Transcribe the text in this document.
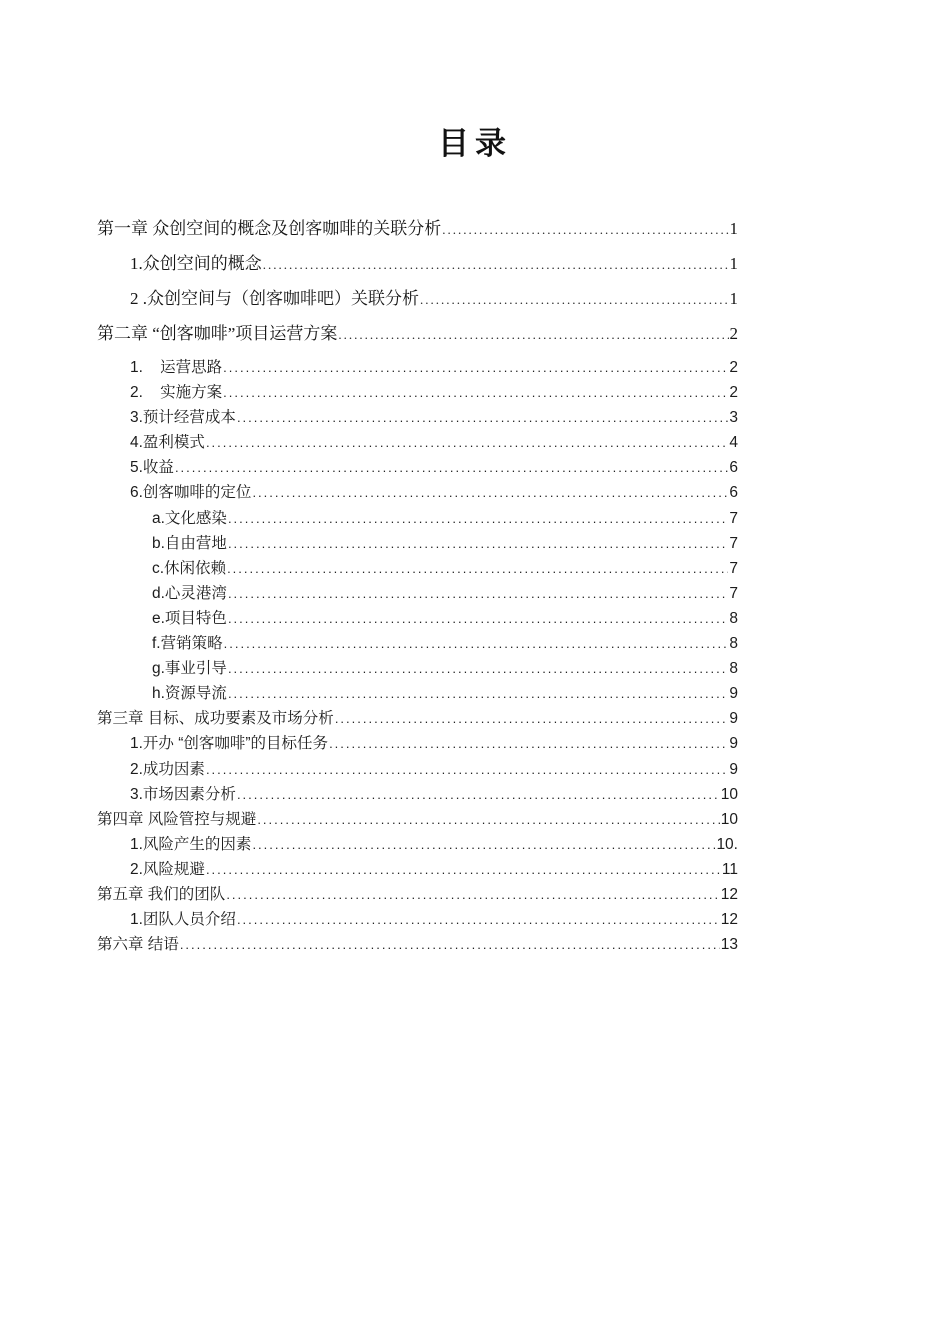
目录
第一章 众创空间的概念及创客咖啡的关联分析 .....	1
1.众创空间的概念 .....	1
2 .众创空间与（创客咖啡吧）关联分析 .....	1
第二章 “创客咖啡”项目运营方案 .....	2
1.    运营思路 .....	2
2.    实施方案 .....	2
3.预计经营成本 .....	3
4.盈利模式 .....	4
5.收益 .....	6
6.创客咖啡的定位 .....	6
a.文化感染 .....	7
b.自由营地 .....	7
c.休闲依赖 .....	7
d.心灵港湾 .....	7
e.项目特色 .....	8
f.营销策略 .....	8
g.事业引导 .....	8
h.资源导流 .....	9
第三章 目标、成功要素及市场分析 .....	9
1.开办 “创客咖啡”的目标任务 .....	9
2.成功因素 .....	9
3.市场因素分析 .....	10
第四章 风险管控与规避 .....	10
1.风险产生的因素 .....	10.
2.风险规避 .....	11
第五章 我们的团队 .....	12
1.团队人员介绍 .....	12
第六章 结语 .....	13
